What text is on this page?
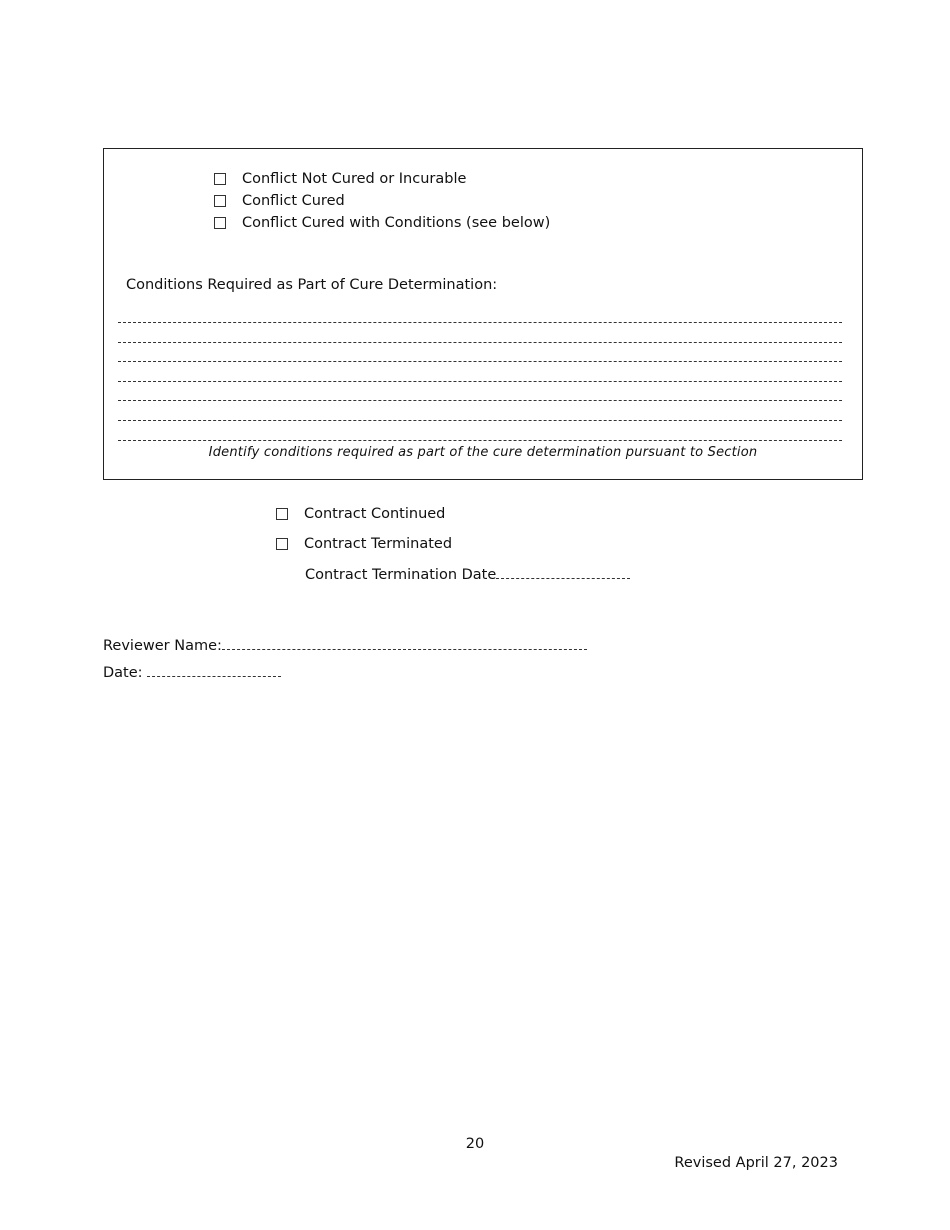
Conflict Not Cured or Incurable
Conflict Cured
Conflict Cured with Conditions (see below)
Conditions Required as Part of Cure Determination:
Identify conditions required as part of the cure determination pursuant to Section
Contract Continued
Contract Terminated
Contract Termination Date
Reviewer Name:
Date:
20
Revised April 27, 2023
